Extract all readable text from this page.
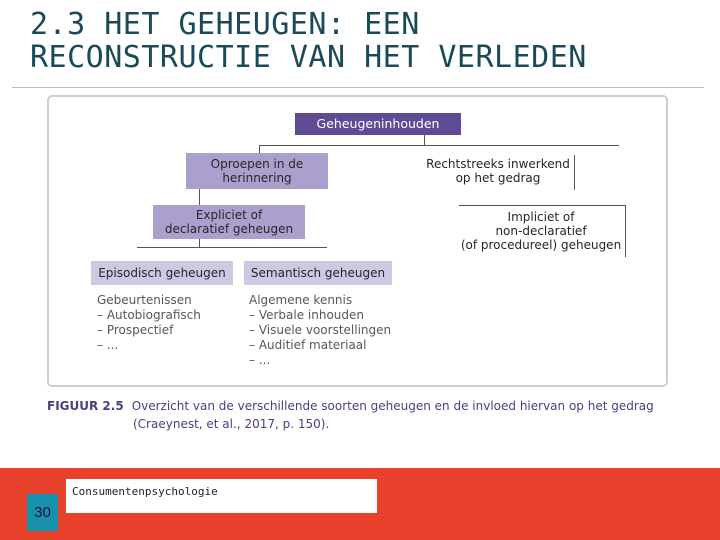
2.3 HET GEHEUGEN: EEN
RECONSTRUCTIE VAN HET VERLEDEN
Geheugeninhouden
Oproepen in de
herinnering
Rechtstreeks inwerkend
op het gedrag
Expliciet of
declaratief geheugen
Impliciet of
non-declaratief
(of procedureel) geheugen
Episodisch geheugen Semantisch geheugen
Gebeurtenissen
– Autobiografisch
– Prospectief
– ...
Algemene kennis
– Verbale inhouden
– Visuele voorstellingen
– Auditief materiaal
– ...
FIGUUR 2.5 Overzicht van de verschillende soorten geheugen en de invloed hiervan op het gedrag
(Craeynest, et al., 2017, p. 150).
30
Consumentenpsychologie
